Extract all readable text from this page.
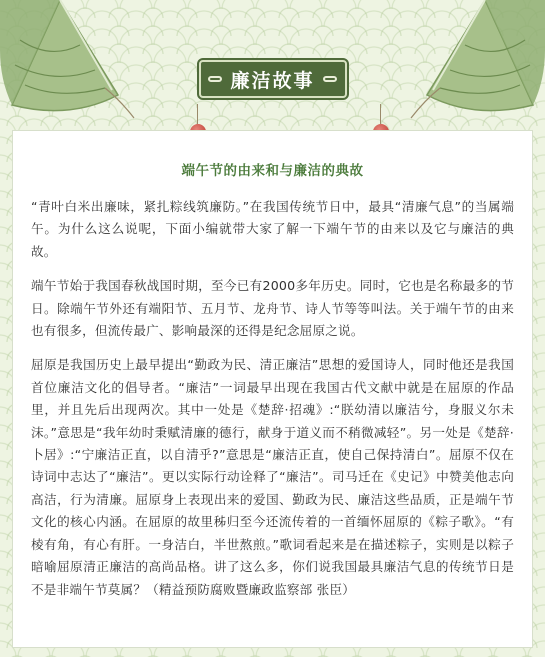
廉洁故事

端午节的由来和与廉洁的典故

“青叶白米出廉味，紧扎粽线筑廉防。”在我国传统节日中，最具“清廉气息”的当属端午。为什么这么说呢，下面小编就带大家了解一下端午节的由来以及它与廉洁的典故。

端午节始于我国春秋战国时期，至今已有2000多年历史。同时，它也是名称最多的节日。除端午节外还有端阳节、五月节、龙舟节、诗人节等等叫法。关于端午节的由来也有很多，但流传最广、影响最深的还得是纪念屈原之说。

屈原是我国历史上最早提出“勤政为民、清正廉洁”思想的爱国诗人，同时他还是我国首位廉洁文化的倡导者。“廉洁”一词最早出现在我国古代文献中就是在屈原的作品里，并且先后出现两次。其中一处是《楚辞·招魂》:“朕幼清以廉洁兮，身服义尔未沫。”意思是“我年幼时秉赋清廉的德行，献身于道义而不稍微减轻”。另一处是《楚辞·卜居》:“宁廉洁正直，以自清乎?”意思是“廉洁正直，使自己保持清白”。屈原不仅在诗词中志达了“廉洁”。更以实际行动诠释了“廉洁”。司马迁在《史记》中赞美他志向高洁，行为清廉。屈原身上表现出来的爱国、勤政为民、廉洁这些品质，正是端午节文化的核心内涵。在屈原的故里秭归至今还流传着的一首缅怀屈原的《粽子歌》。“有棱有角，有心有肝。一身洁白，半世熬煎。”歌词看起来是在描述粽子，实则是以粽子暗喻屈原清正廉洁的高尚品格。讲了这么多，你们说我国最具廉洁气息的传统节日是不是非端午节莫属？（精益预防腐败暨廉政监察部 张臣）
